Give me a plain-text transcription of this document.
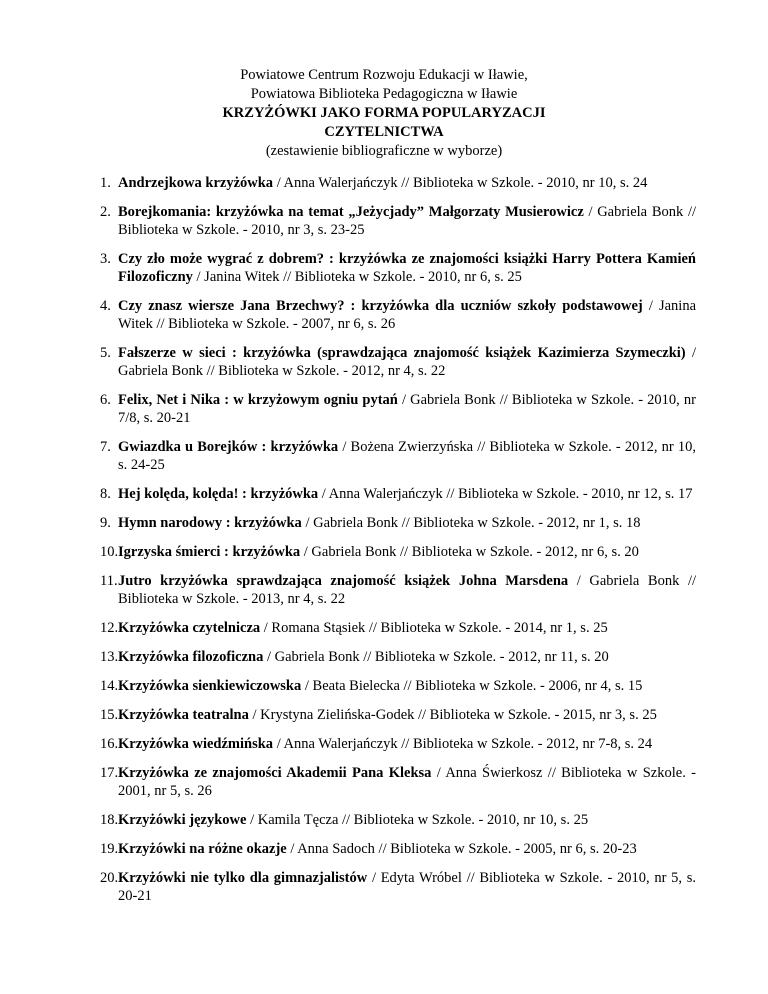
Powiatowe Centrum Rozwoju Edukacji w Iławie,
Powiatowa Biblioteka Pedagogiczna w Iławie
KRZYŻÓWKI JAKO FORMA POPULARYZACJI
CZYTELNICTWA
(zestawienie bibliograficzne w wyborze)
1. Andrzejkowa krzyżówka / Anna Walerjańczyk // Biblioteka w Szkole. - 2010, nr 10, s. 24
2. Borejkomania: krzyżówka na temat „Jeżycjady” Małgorzaty Musierowicz / Gabriela Bonk // Biblioteka w Szkole. - 2010, nr 3, s. 23-25
3. Czy zło może wygrać z dobrem? : krzyżówka ze znajomości książki Harry Pottera Kamień Filozoficzny / Janina Witek // Biblioteka w Szkole. - 2010, nr 6, s. 25
4. Czy znasz wiersze Jana Brzechwy? : krzyżówka dla uczniów szkoły podstawowej / Janina Witek // Biblioteka w Szkole. - 2007, nr 6, s. 26
5. Fałszerze w sieci : krzyżówka (sprawdzająca znajomość książek Kazimierza Szymeczki) / Gabriela Bonk // Biblioteka w Szkole. - 2012, nr 4, s. 22
6. Felix, Net i Nika : w krzyżowym ogniu pytań / Gabriela Bonk // Biblioteka w Szkole. - 2010, nr 7/8, s. 20-21
7. Gwiazdka u Borejków : krzyżówka / Bożena Zwierzyńska // Biblioteka w Szkole. - 2012, nr 10, s. 24-25
8. Hej kolęda, kolęda! : krzyżówka / Anna Walerjańczyk // Biblioteka w Szkole. - 2010, nr 12, s. 17
9. Hymn narodowy : krzyżówka / Gabriela Bonk // Biblioteka w Szkole. - 2012, nr 1, s. 18
10. Igrzyska śmierci : krzyżówka / Gabriela Bonk // Biblioteka w Szkole. - 2012, nr 6, s. 20
11. Jutro krzyżówka sprawdzająca znajomość książek Johna Marsdena / Gabriela Bonk // Biblioteka w Szkole. - 2013, nr 4, s. 22
12. Krzyżówka czytelnicza / Romana Stąsiek // Biblioteka w Szkole. - 2014, nr 1, s. 25
13. Krzyżówka filozoficzna / Gabriela Bonk // Biblioteka w Szkole. - 2012, nr 11, s. 20
14. Krzyżówka sienkiewiczowska / Beata Bielecka // Biblioteka w Szkole. - 2006, nr 4, s. 15
15. Krzyżówka teatralna / Krystyna Zielińska-Godek // Biblioteka w Szkole. - 2015, nr 3, s. 25
16. Krzyżówka wiedźmińska / Anna Walerjańczyk // Biblioteka w Szkole. - 2012, nr 7-8, s. 24
17. Krzyżówka ze znajomości Akademii Pana Kleksa / Anna Świerkosz // Biblioteka w Szkole. - 2001, nr 5, s. 26
18. Krzyżówki językowe / Kamila Tęcza // Biblioteka w Szkole. - 2010, nr 10, s. 25
19. Krzyżówki na różne okazje / Anna Sadoch // Biblioteka w Szkole. - 2005, nr 6, s. 20-23
20. Krzyżówki nie tylko dla gimnazjalistów / Edyta Wróbel // Biblioteka w Szkole. - 2010, nr 5, s. 20-21
